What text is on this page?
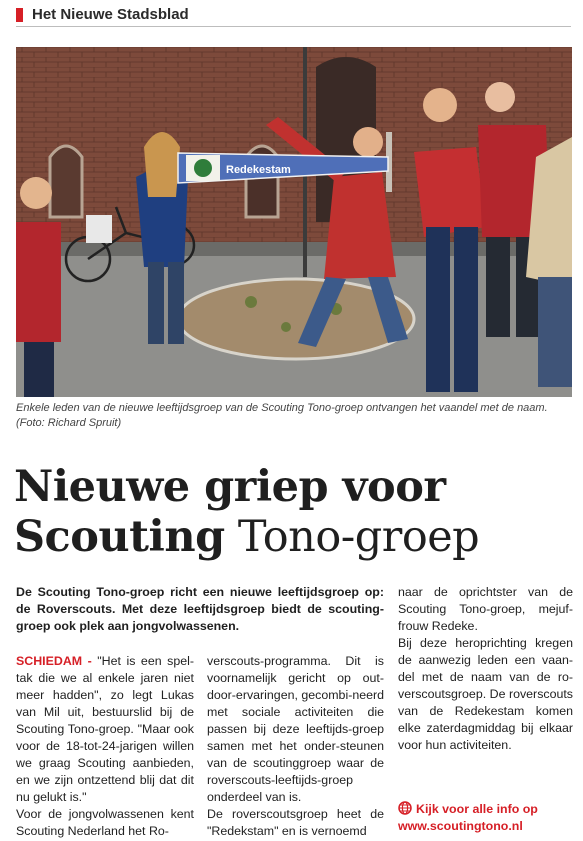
Het Nieuwe Stadsblad
Redekestam
Enkele leden van de nieuwe leeftijdsgroep van de Scouting Tono-groep ontvangen het vaandel met de naam. (Foto: Richard Spruit)
Nieuwe griep voor
Scouting Tono-groep
De Scouting Tono-groep richt een nieuwe leeftijdsgroep op: de Roverscouts. Met deze leeftijdsgroep biedt de scouting-groep ook plek aan jongvolwassenen.

SCHIEDAM - "Het is een spel-tak die we al enkele jaren niet meer hadden", zo legt Lukas van Mil uit, bestuurslid bij de Scouting Tono-groep. "Maar ook voor de 18-tot-24-jarigen willen we graag Scouting aanbieden, en we zijn ontzettend blij dat dit nu gelukt is."

Voor de jongvolwassenen kent Scouting Nederland het Ro-

verscouts-programma. Dit is voornamelijk gericht op out-door-ervaringen, gecombi-neerd met sociale activiteiten die passen bij deze leeftijds-groep samen met het onder-steunen van de scoutinggroep waar de roverscouts-leeftijds-groep onderdeel van is.

De roverscoutsgroep heet de "Redekstam" en is vernoemd

naar de oprichtster van de Scouting Tono-groep, mejuf-frouw Redeke.

Bij deze heroprichting kregen de aanwezig leden een vaan-del met de naam van de ro-verscoutsgroep. De roverscouts van de Redekestam komen elke zaterdagmiddag bij elkaar voor hun activiteiten.

Kijk voor alle info op
www.scoutingtono.nl
